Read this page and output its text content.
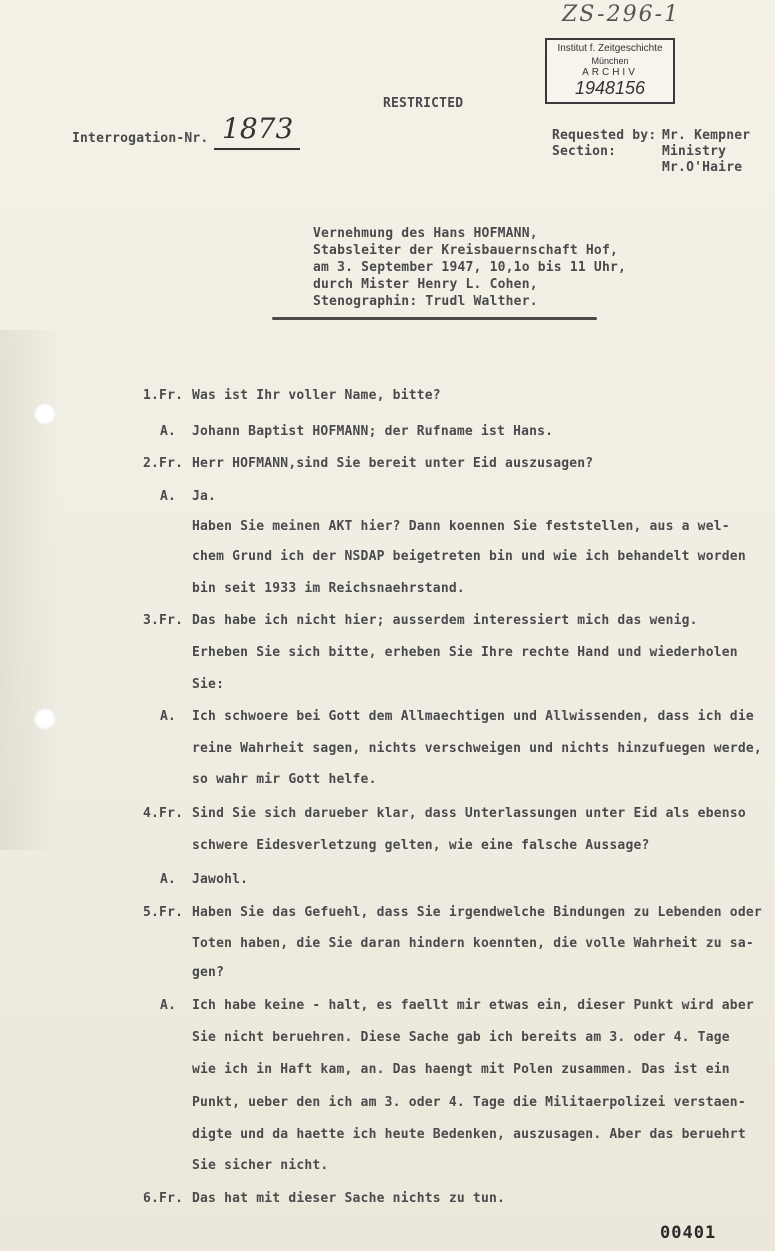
ZS-296-1
Institut f. Zeitgeschichte
München
ARCHIV
1948156
RESTRICTED
Interrogation-Nr. 1873	Requested by: Mr. Kempner
Section:	Ministry
Mr.O'Haire
Vernehmung des Hans HOFMANN,
Stabsleiter der Kreisbauernschaft Hof,
am 3. September 1947, 10,1o bis 11 Uhr,
durch Mister Henry L. Cohen,
Stenographin: Trudl Walther.
1.Fr. Was ist Ihr voller Name, bitte?
A. Johann Baptist HOFMANN; der Rufname ist Hans.
2.Fr. Herr HOFMANN,sind Sie bereit unter Eid auszusagen?
A. Ja.
Haben Sie meinen AKT hier? Dann koennen Sie feststellen, aus a wel-
chem Grund ich der NSDAP beigetreten bin und wie ich behandelt worden
bin seit 1933 im Reichsnaehrstand.
3.Fr. Das habe ich nicht hier; ausserdem interessiert mich das wenig.
Erheben Sie sich bitte, erheben Sie Ihre rechte Hand und wiederholen
Sie:
A. Ich schwoere bei Gott dem Allmaechtigen und Allwissenden, dass ich die
reine Wahrheit sagen, nichts verschweigen und nichts hinzufuegen werde,
so wahr mir Gott helfe.
4.Fr. Sind Sie sich darueber klar, dass Unterlassungen unter Eid als ebenso
schwere Eidesverletzung gelten, wie eine falsche Aussage?
A. Jawohl.
5.Fr. Haben Sie das Gefuehl, dass Sie irgendwelche Bindungen zu Lebenden oder
Toten haben, die Sie daran hindern koennten, die volle Wahrheit zu sa-
gen?
A. Ich habe keine - halt, es faellt mir etwas ein, dieser Punkt wird aber
Sie nicht beruehren. Diese Sache gab ich bereits am 3. oder 4. Tage
wie ich in Haft kam, an. Das haengt mit Polen zusammen. Das ist ein
Punkt, ueber den ich am 3. oder 4. Tage die Militaerpolizei verstaen-
digte und da haette ich heute Bedenken, auszusagen. Aber das beruehrt
Sie sicher nicht.
6.Fr. Das hat mit dieser Sache nichts zu tun.
00401
